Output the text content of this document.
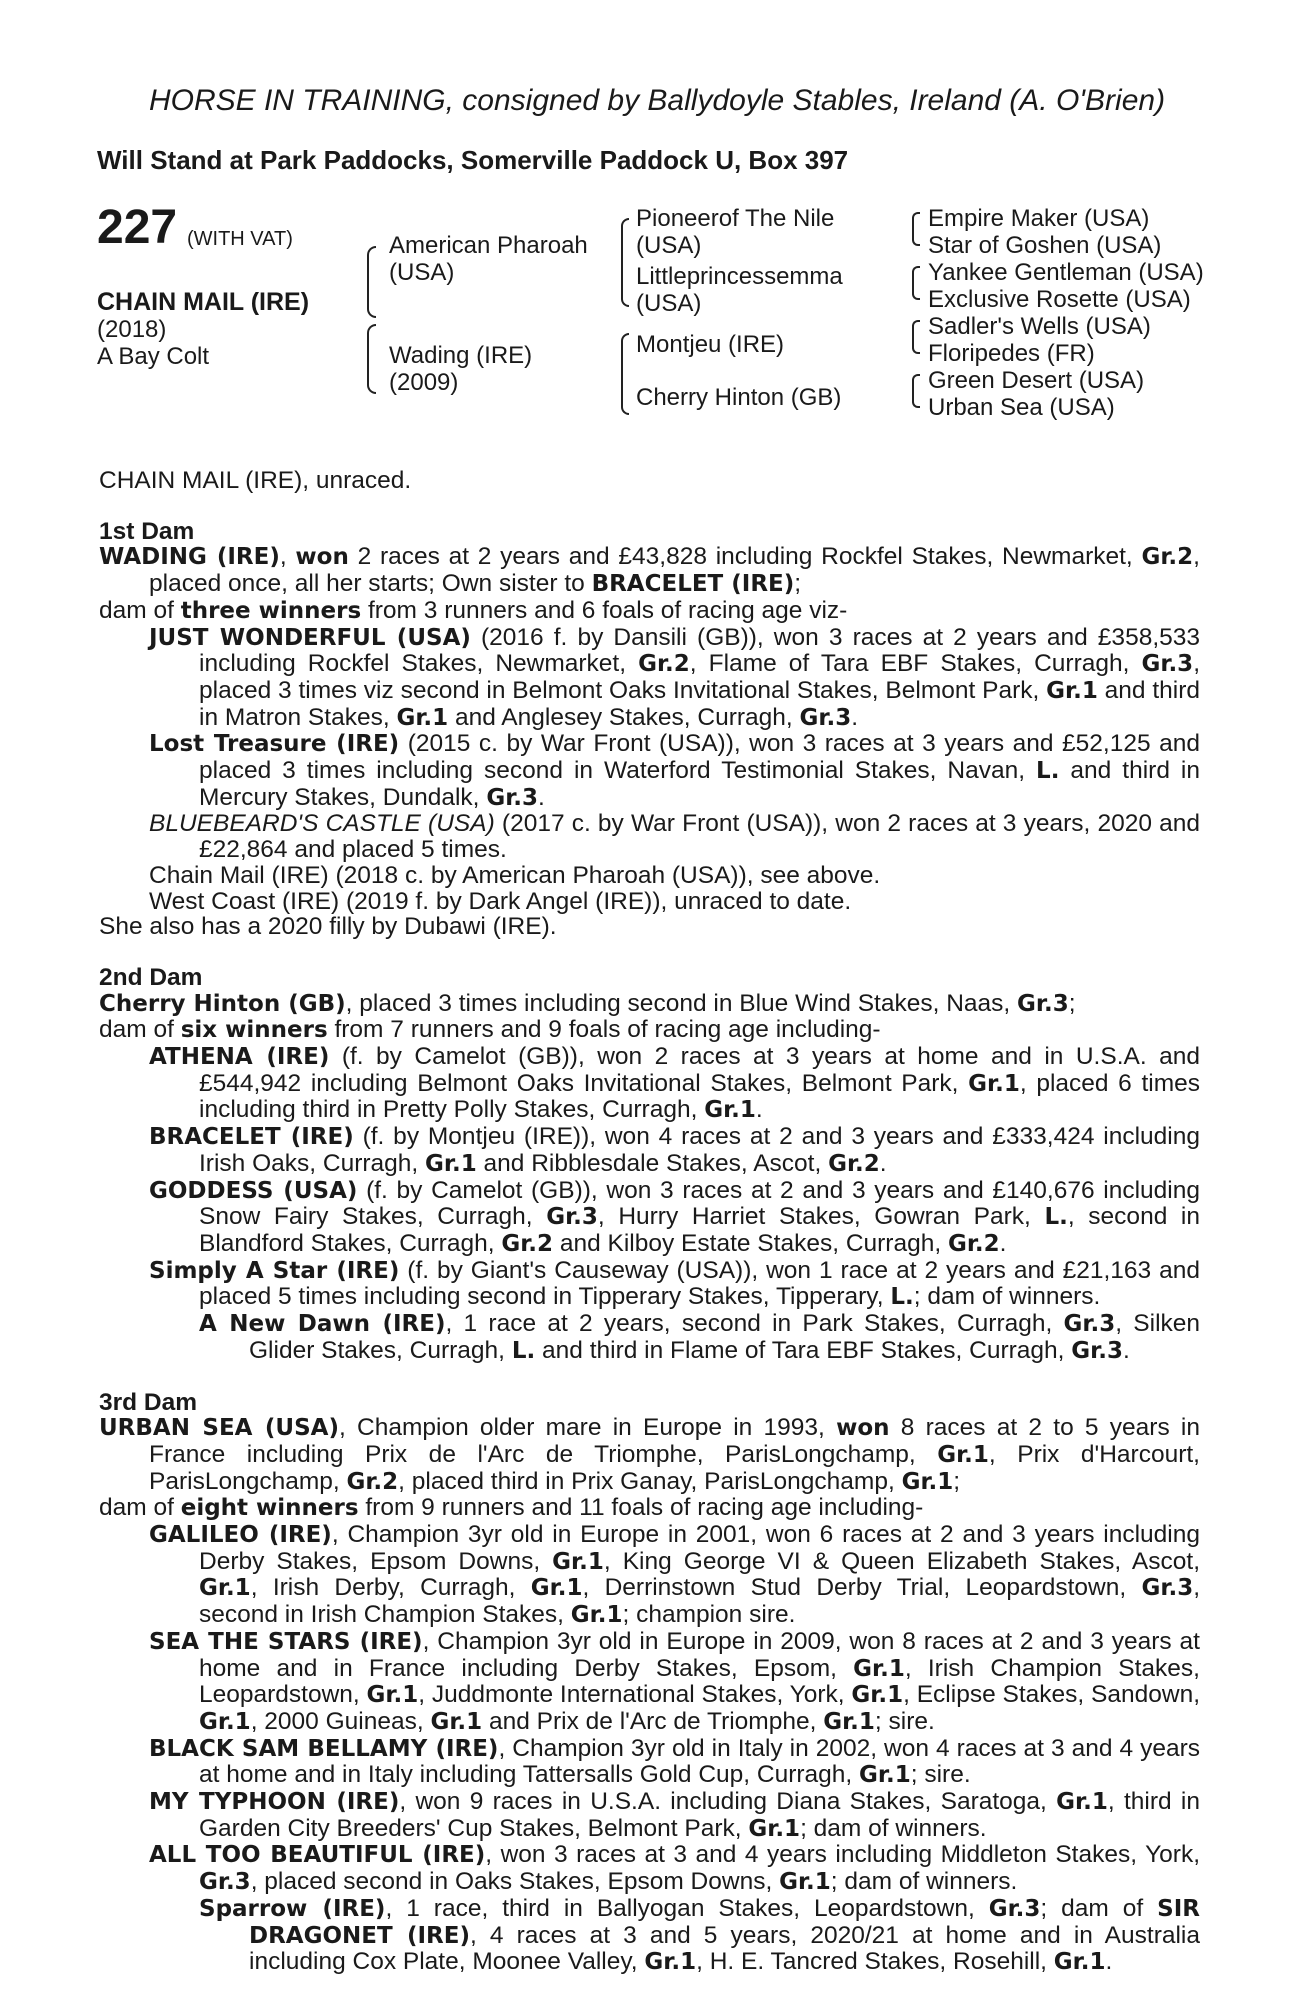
HORSE IN TRAINING, consigned by Ballydoyle Stables, Ireland (A. O'Brien)
Will Stand at Park Paddocks, Somerville Paddock U, Box 397
227 (WITH VAT)
CHAIN MAIL (IRE)
(2018)
A Bay Colt
American Pharoah
(USA)
Wading (IRE)
(2009)
Pioneerof The Nile
(USA)
Littleprincessemma
(USA)
Montjeu (IRE)
Cherry Hinton (GB)
Empire Maker (USA)
Star of Goshen (USA)
Yankee Gentleman (USA)
Exclusive Rosette (USA)
Sadler's Wells (USA)
Floripedes (FR)
Green Desert (USA)
Urban Sea (USA)

CHAIN MAIL (IRE), unraced.

1st Dam

WADING (IRE), won 2 races at 2 years and £43,828 including Rockfel Stakes, Newmarket, Gr.2, placed once, all her starts; Own sister to BRACELET (IRE);

dam of three winners from 3 runners and 6 foals of racing age viz-

JUST WONDERFUL (USA) (2016 f. by Dansili (GB)), won 3 races at 2 years and £358,533 including Rockfel Stakes, Newmarket, Gr.2, Flame of Tara EBF Stakes, Curragh, Gr.3, placed 3 times viz second in Belmont Oaks Invitational Stakes, Belmont Park, Gr.1 and third in Matron Stakes, Gr.1 and Anglesey Stakes, Curragh, Gr.3.

Lost Treasure (IRE) (2015 c. by War Front (USA)), won 3 races at 3 years and £52,125 and placed 3 times including second in Waterford Testimonial Stakes, Navan, L. and third in Mercury Stakes, Dundalk, Gr.3.

BLUEBEARD'S CASTLE (USA) (2017 c. by War Front (USA)), won 2 races at 3 years, 2020 and £22,864 and placed 5 times.

Chain Mail (IRE) (2018 c. by American Pharoah (USA)), see above.

West Coast (IRE) (2019 f. by Dark Angel (IRE)), unraced to date.

She also has a 2020 filly by Dubawi (IRE).

2nd Dam

Cherry Hinton (GB), placed 3 times including second in Blue Wind Stakes, Naas, Gr.3;

dam of six winners from 7 runners and 9 foals of racing age including-

ATHENA (IRE) (f. by Camelot (GB)), won 2 races at 3 years at home and in U.S.A. and £544,942 including Belmont Oaks Invitational Stakes, Belmont Park, Gr.1, placed 6 times including third in Pretty Polly Stakes, Curragh, Gr.1.

BRACELET (IRE) (f. by Montjeu (IRE)), won 4 races at 2 and 3 years and £333,424 including Irish Oaks, Curragh, Gr.1 and Ribblesdale Stakes, Ascot, Gr.2.

GODDESS (USA) (f. by Camelot (GB)), won 3 races at 2 and 3 years and £140,676 including Snow Fairy Stakes, Curragh, Gr.3, Hurry Harriet Stakes, Gowran Park, L., second in Blandford Stakes, Curragh, Gr.2 and Kilboy Estate Stakes, Curragh, Gr.2.

Simply A Star (IRE) (f. by Giant's Causeway (USA)), won 1 race at 2 years and £21,163 and placed 5 times including second in Tipperary Stakes, Tipperary, L.; dam of winners.

A New Dawn (IRE), 1 race at 2 years, second in Park Stakes, Curragh, Gr.3, Silken Glider Stakes, Curragh, L. and third in Flame of Tara EBF Stakes, Curragh, Gr.3.

3rd Dam

URBAN SEA (USA), Champion older mare in Europe in 1993, won 8 races at 2 to 5 years in France including Prix de l'Arc de Triomphe, ParisLongchamp, Gr.1, Prix d'Harcourt, ParisLongchamp, Gr.2, placed third in Prix Ganay, ParisLongchamp, Gr.1;

dam of eight winners from 9 runners and 11 foals of racing age including-

GALILEO (IRE), Champion 3yr old in Europe in 2001, won 6 races at 2 and 3 years including Derby Stakes, Epsom Downs, Gr.1, King George VI & Queen Elizabeth Stakes, Ascot, Gr.1, Irish Derby, Curragh, Gr.1, Derrinstown Stud Derby Trial, Leopardstown, Gr.3, second in Irish Champion Stakes, Gr.1; champion sire.

SEA THE STARS (IRE), Champion 3yr old in Europe in 2009, won 8 races at 2 and 3 years at home and in France including Derby Stakes, Epsom, Gr.1, Irish Champion Stakes, Leopardstown, Gr.1, Juddmonte International Stakes, York, Gr.1, Eclipse Stakes, Sandown, Gr.1, 2000 Guineas, Gr.1 and Prix de l'Arc de Triomphe, Gr.1; sire.

BLACK SAM BELLAMY (IRE), Champion 3yr old in Italy in 2002, won 4 races at 3 and 4 years at home and in Italy including Tattersalls Gold Cup, Curragh, Gr.1; sire.

MY TYPHOON (IRE), won 9 races in U.S.A. including Diana Stakes, Saratoga, Gr.1, third in Garden City Breeders' Cup Stakes, Belmont Park, Gr.1; dam of winners.

ALL TOO BEAUTIFUL (IRE), won 3 races at 3 and 4 years including Middleton Stakes, York, Gr.3, placed second in Oaks Stakes, Epsom Downs, Gr.1; dam of winners.

Sparrow (IRE), 1 race, third in Ballyogan Stakes, Leopardstown, Gr.3; dam of SIR DRAGONET (IRE), 4 races at 3 and 5 years, 2020/21 at home and in Australia including Cox Plate, Moonee Valley, Gr.1, H. E. Tancred Stakes, Rosehill, Gr.1.
